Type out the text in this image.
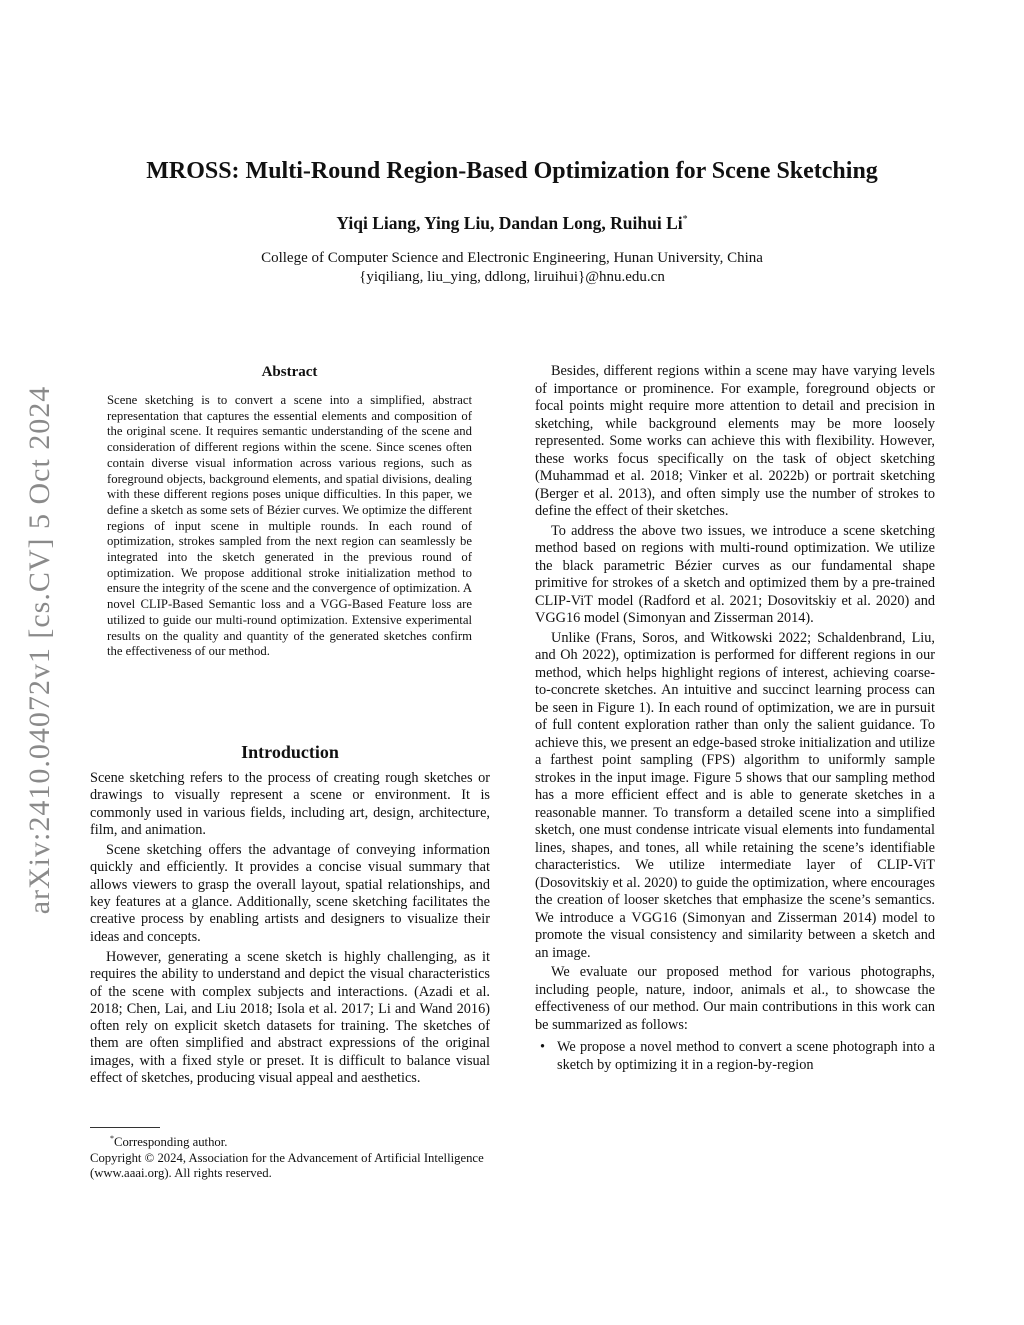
arXiv:2410.04072v1 [cs.CV] 5 Oct 2024
MROSS: Multi-Round Region-Based Optimization for Scene Sketching
Yiqi Liang, Ying Liu, Dandan Long, Ruihui Li*
College of Computer Science and Electronic Engineering, Hunan University, China
{yiqiliang, liu_ying, ddlong, liruihui}@hnu.edu.cn
Abstract

Scene sketching is to convert a scene into a simplified, abstract representation that captures the essential elements and composition of the original scene. It requires semantic understanding of the scene and consideration of different regions within the scene. Since scenes often contain diverse visual information across various regions, such as foreground objects, background elements, and spatial divisions, dealing with these different regions poses unique difficulties. In this paper, we define a sketch as some sets of Bézier curves. We optimize the different regions of input scene in multiple rounds. In each round of optimization, strokes sampled from the next region can seamlessly be integrated into the sketch generated in the previous round of optimization. We propose additional stroke initialization method to ensure the integrity of the scene and the convergence of optimization. A novel CLIP-Based Semantic loss and a VGG-Based Feature loss are utilized to guide our multi-round optimization. Extensive experimental results on the quality and quantity of the generated sketches confirm the effectiveness of our method.

Introduction

Scene sketching refers to the process of creating rough sketches or drawings to visually represent a scene or environment. It is commonly used in various fields, including art, design, architecture, film, and animation.

Scene sketching offers the advantage of conveying information quickly and efficiently. It provides a concise visual summary that allows viewers to grasp the overall layout, spatial relationships, and key features at a glance. Additionally, scene sketching facilitates the creative process by enabling artists and designers to visualize their ideas and concepts.

However, generating a scene sketch is highly challenging, as it requires the ability to understand and depict the visual characteristics of the scene with complex subjects and interactions. (Azadi et al. 2018; Chen, Lai, and Liu 2018; Isola et al. 2017; Li and Wand 2016) often rely on explicit sketch datasets for training. The sketches of them are often simplified and abstract expressions of the original images, with a fixed style or preset. It is difficult to balance visual effect of sketches, producing visual appeal and aesthetics.

*Corresponding author.
Copyright © 2024, Association for the Advancement of Artificial Intelligence (www.aaai.org). All rights reserved.

Besides, different regions within a scene may have varying levels of importance or prominence. For example, foreground objects or focal points might require more attention to detail and precision in sketching, while background elements may be more loosely represented. Some works can achieve this with flexibility. However, these works focus specifically on the task of object sketching (Muhammad et al. 2018; Vinker et al. 2022b) or portrait sketching (Berger et al. 2013), and often simply use the number of strokes to define the effect of their sketches.

To address the above two issues, we introduce a scene sketching method based on regions with multi-round optimization. We utilize the black parametric Bézier curves as our fundamental shape primitive for strokes of a sketch and optimized them by a pre-trained CLIP-ViT model (Radford et al. 2021; Dosovitskiy et al. 2020) and VGG16 model (Simonyan and Zisserman 2014).

Unlike (Frans, Soros, and Witkowski 2022; Schaldenbrand, Liu, and Oh 2022), optimization is performed for different regions in our method, which helps highlight regions of interest, achieving coarse-to-concrete sketches. An intuitive and succinct learning process can be seen in Figure 1). In each round of optimization, we are in pursuit of full content exploration rather than only the salient guidance. To achieve this, we present an edge-based stroke initialization and utilize a farthest point sampling (FPS) algorithm to uniformly sample strokes in the input image. Figure 5 shows that our sampling method has a more efficient effect and is able to generate sketches in a reasonable manner. To transform a detailed scene into a simplified sketch, one must condense intricate visual elements into fundamental lines, shapes, and tones, all while retaining the scene’s identifiable characteristics. We utilize intermediate layer of CLIP-ViT (Dosovitskiy et al. 2020) to guide the optimization, where encourages the creation of looser sketches that emphasize the scene’s semantics. We introduce a VGG16 (Simonyan and Zisserman 2014) model to promote the visual consistency and similarity between a sketch and an image.

We evaluate our proposed method for various photographs, including people, nature, indoor, animals et al., to showcase the effectiveness of our method. Our main contributions in this work can be summarized as follows:

• We propose a novel method to convert a scene photograph into a sketch by optimizing it in a region-by-region
